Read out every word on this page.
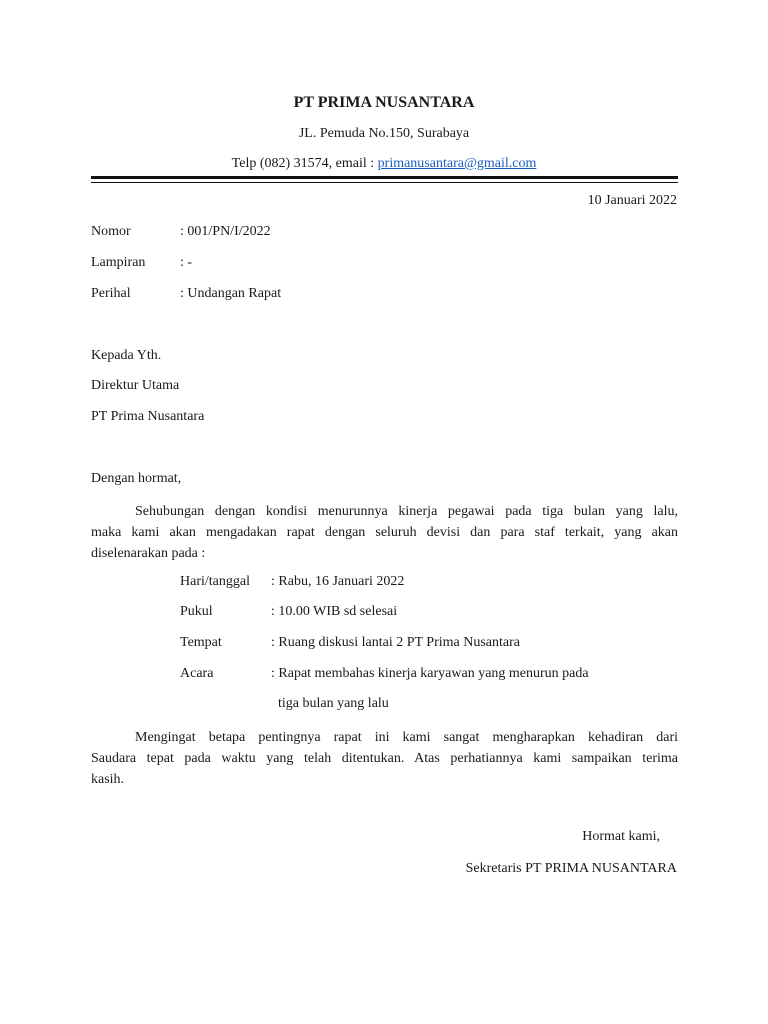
PT PRIMA NUSANTARA
JL. Pemuda No.150, Surabaya
Telp (082) 31574, email : primanusantara@gmail.com
10 Januari 2022
Nomor	: 001/PN/I/2022
Lampiran : -
Perihal	: Undangan Rapat
Kepada Yth.
Direktur Utama
PT Prima Nusantara
Dengan hormat,
Sehubungan dengan kondisi menurunnya kinerja pegawai pada tiga bulan yang lalu,
maka kami akan mengadakan rapat dengan seluruh devisi dan para staf terkait, yang akan
diselenarakan pada :
Hari/tanggal : Rabu, 16 Januari 2022
Pukul	: 10.00 WIB sd selesai
Tempat	: Ruang diskusi lantai 2 PT Prima Nusantara
Acara	: Rapat membahas kinerja karyawan yang menurun pada
tiga bulan yang lalu
Mengingat betapa pentingnya rapat ini kami sangat mengharapkan kehadiran dari
Saudara tepat pada waktu yang telah ditentukan. Atas perhatiannya kami sampaikan terima
kasih.
Hormat kami,
Sekretaris PT PRIMA NUSANTARA
